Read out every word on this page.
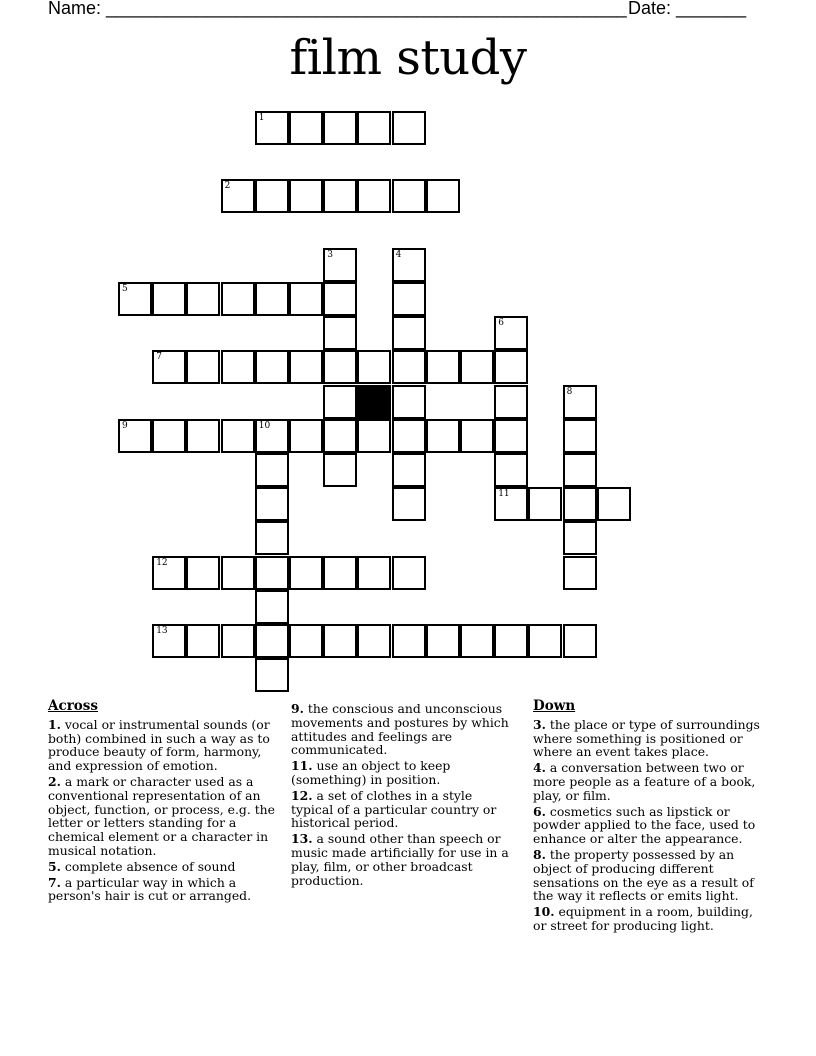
Name: ____________________________________________________ Date: _______
film study
1
2
3	4
5
6
7
8
9	10
11
12
13
Across
1. vocal or instrumental sounds (or both) combined in such a way as to produce beauty of form, harmony, and expression of emotion.
2. a mark or character used as a conventional representation of an object, function, or process, e.g. the letter or letters standing for a chemical element or a character in musical notation.
5. complete absence of sound
7. a particular way in which a person's hair is cut or arranged.
9. the conscious and unconscious movements and postures by which attitudes and feelings are communicated.
11. use an object to keep (something) in position.
12. a set of clothes in a style typical of a particular country or historical period.
13. a sound other than speech or music made artificially for use in a play, film, or other broadcast production.
Down
3. the place or type of surroundings where something is positioned or where an event takes place.
4. a conversation between two or more people as a feature of a book, play, or film.
6. cosmetics such as lipstick or powder applied to the face, used to enhance or alter the appearance.
8. the property possessed by an object of producing different sensations on the eye as a result of the way it reflects or emits light.
10. equipment in a room, building, or street for producing light.
